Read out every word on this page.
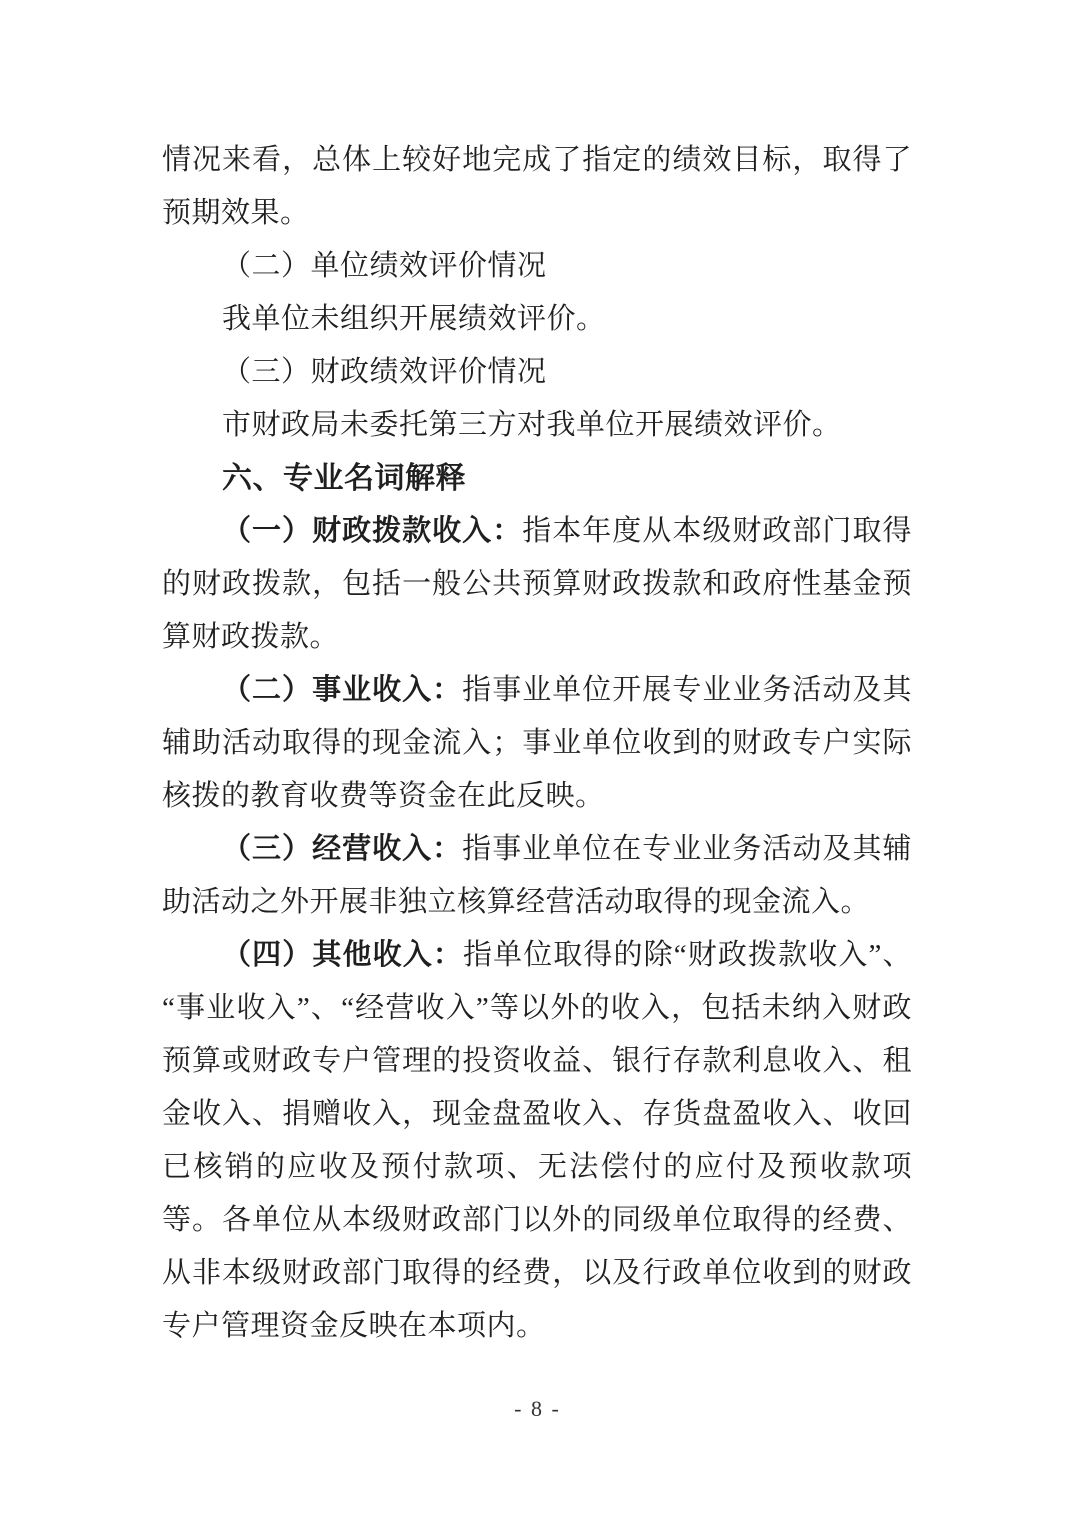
情况来看，总体上较好地完成了指定的绩效目标，取得了预期效果。

（二）单位绩效评价情况

我单位未组织开展绩效评价。

（三）财政绩效评价情况

市财政局未委托第三方对我单位开展绩效评价。

六、专业名词解释

（一）财政拨款收入：指本年度从本级财政部门取得的财政拨款，包括一般公共预算财政拨款和政府性基金预算财政拨款。

（二）事业收入：指事业单位开展专业业务活动及其辅助活动取得的现金流入；事业单位收到的财政专户实际核拨的教育收费等资金在此反映。

（三）经营收入：指事业单位在专业业务活动及其辅助活动之外开展非独立核算经营活动取得的现金流入。

（四）其他收入：指单位取得的除“财政拨款收入”、“事业收入”、“经营收入”等以外的收入，包括未纳入财政预算或财政专户管理的投资收益、银行存款利息收入、租金收入、捐赠收入，现金盘盈收入、存货盘盈收入、收回已核销的应收及预付款项、无法偿付的应付及预收款项等。各单位从本级财政部门以外的同级单位取得的经费、从非本级财政部门取得的经费，以及行政单位收到的财政专户管理资金反映在本项内。

- 8 -
